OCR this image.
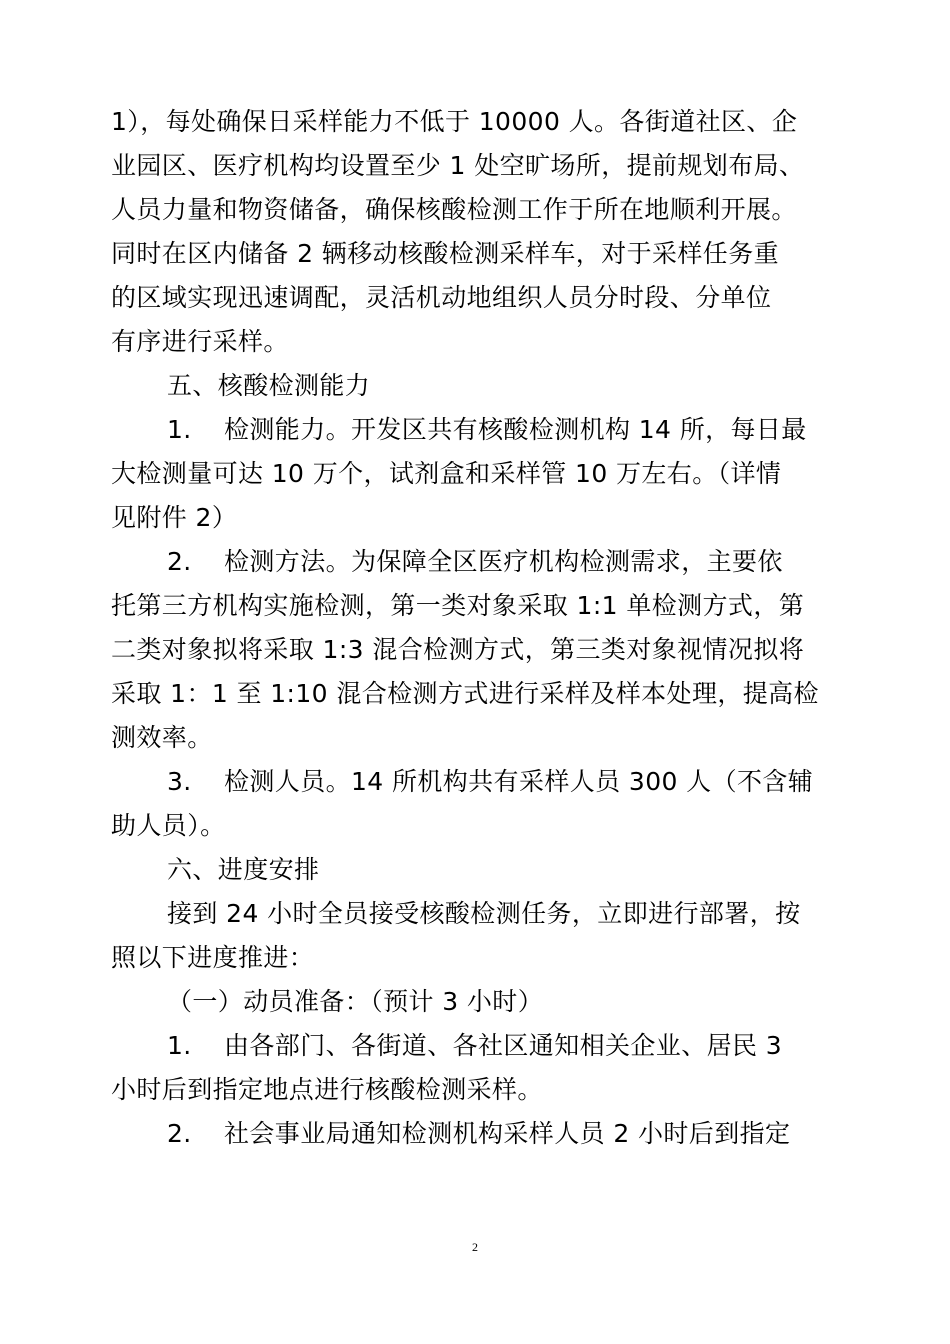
1），每处确保日采样能力不低于 10000 人。各街道社区、企
业园区、医疗机构均设置至少 1 处空旷场所，提前规划布局、
人员力量和物资储备，确保核酸检测工作于所在地顺利开展。
同时在区内储备 2 辆移动核酸检测采样车，对于采样任务重
的区域实现迅速调配，灵活机动地组织人员分时段、分单位
有序进行采样。
五、核酸检测能力
1. 检测能力。开发区共有核酸检测机构 14 所，每日最
大检测量可达 10 万个，试剂盒和采样管 10 万左右。（详情
见附件 2）
2. 检测方法。为保障全区医疗机构检测需求，主要依
托第三方机构实施检测，第一类对象采取 1:1 单检测方式，第
二类对象拟将采取 1:3 混合检测方式，第三类对象视情况拟将
采取 1：1 至 1:10 混合检测方式进行采样及样本处理，提高检
测效率。
3. 检测人员。14 所机构共有采样人员 300 人（不含辅
助人员）。
六、进度安排
接到 24 小时全员接受核酸检测任务，立即进行部署，按
照以下进度推进：
（一）动员准备：（预计 3 小时）
1. 由各部门、各街道、各社区通知相关企业、居民 3
小时后到指定地点进行核酸检测采样。
2. 社会事业局通知检测机构采样人员 2 小时后到指定
2
